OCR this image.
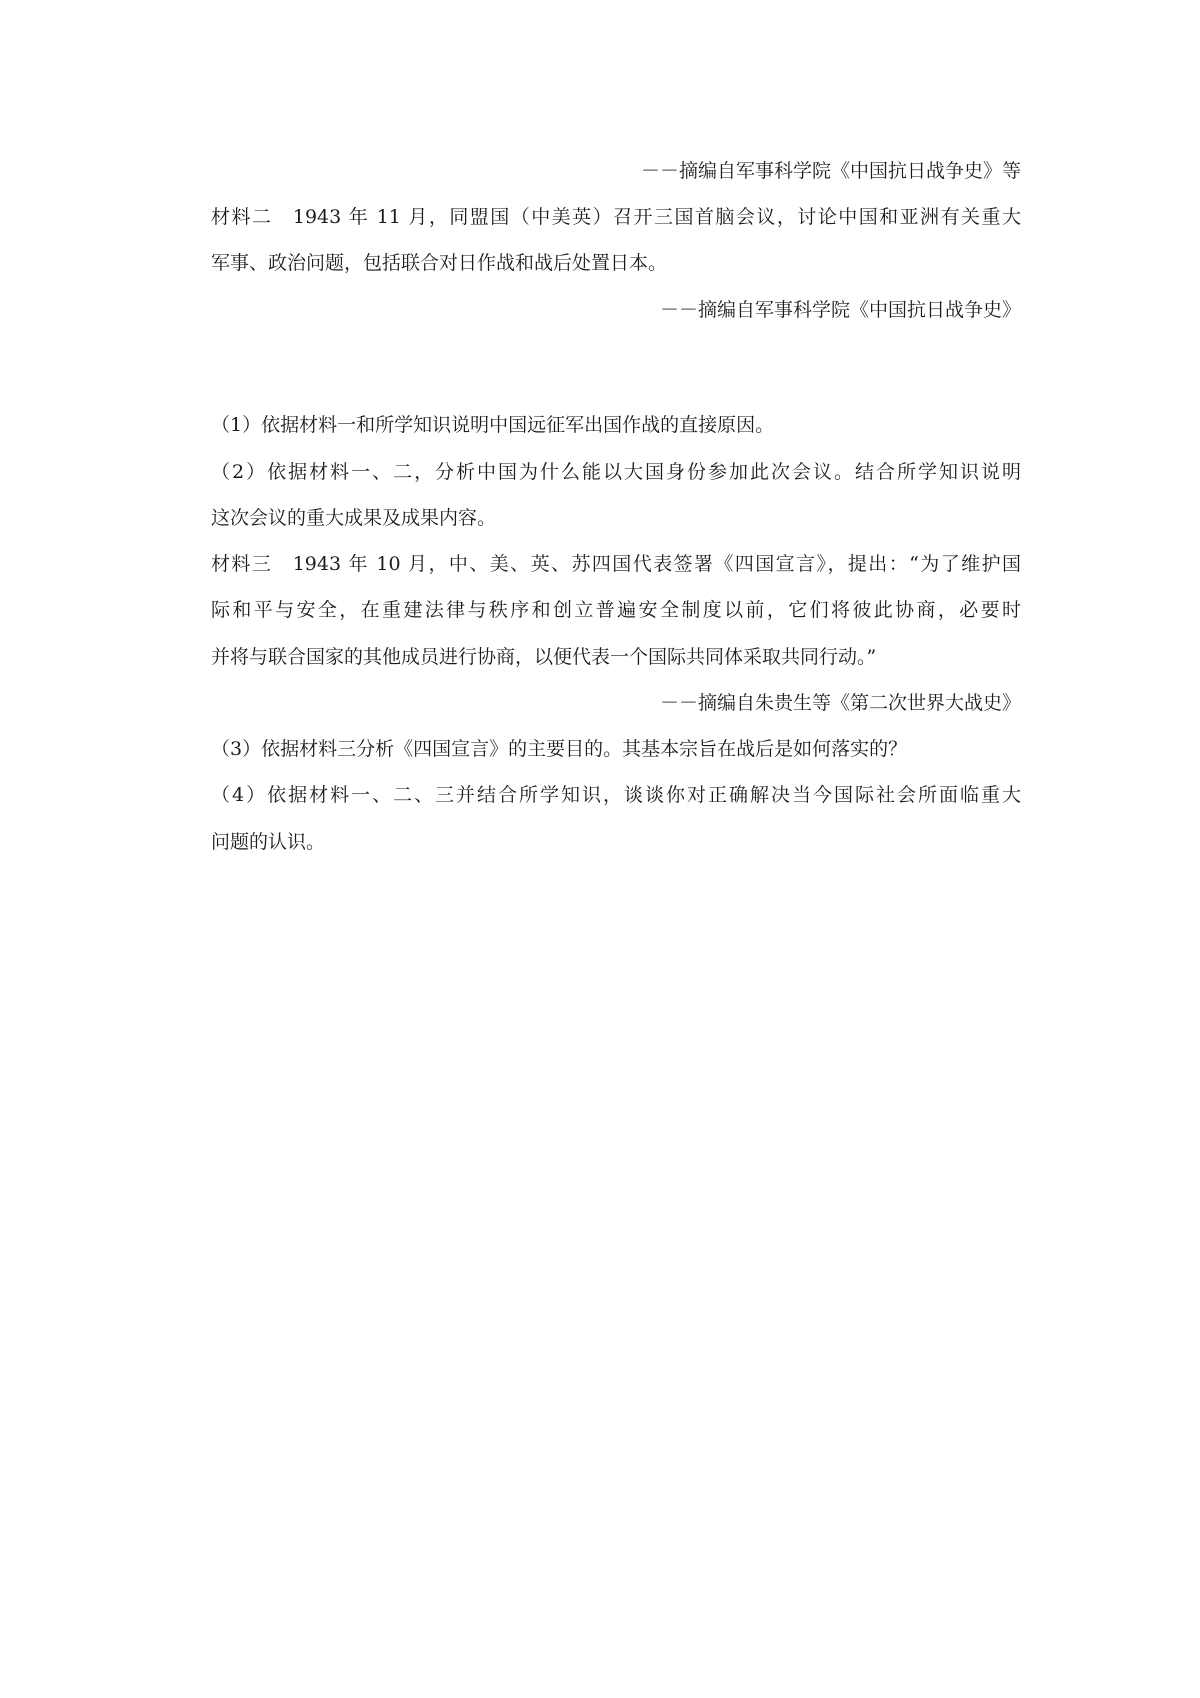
－－摘编自军事科学院《中国抗日战争史》等
材料二　1943 年 11 月，同盟国（中美英）召开三国首脑会议，讨论中国和亚洲有关重大
军事、政治问题，包括联合对日作战和战后处置日本。
－－摘编自军事科学院《中国抗日战争史》
（1）依据材料一和所学知识说明中国远征军出国作战的直接原因。
（2）依据材料一、二，分析中国为什么能以大国身份参加此次会议。结合所学知识说明
这次会议的重大成果及成果内容。
材料三　1943 年 10 月，中、美、英、苏四国代表签署《四国宣言》，提出：“为了维护国
际和平与安全，在重建法律与秩序和创立普遍安全制度以前，它们将彼此协商，必要时
并将与联合国家的其他成员进行协商，以便代表一个国际共同体采取共同行动。”
－－摘编自朱贵生等《第二次世界大战史》
（3）依据材料三分析《四国宣言》的主要目的。其基本宗旨在战后是如何落实的？
（4）依据材料一、二、三并结合所学知识，谈谈你对正确解决当今国际社会所面临重大
问题的认识。
